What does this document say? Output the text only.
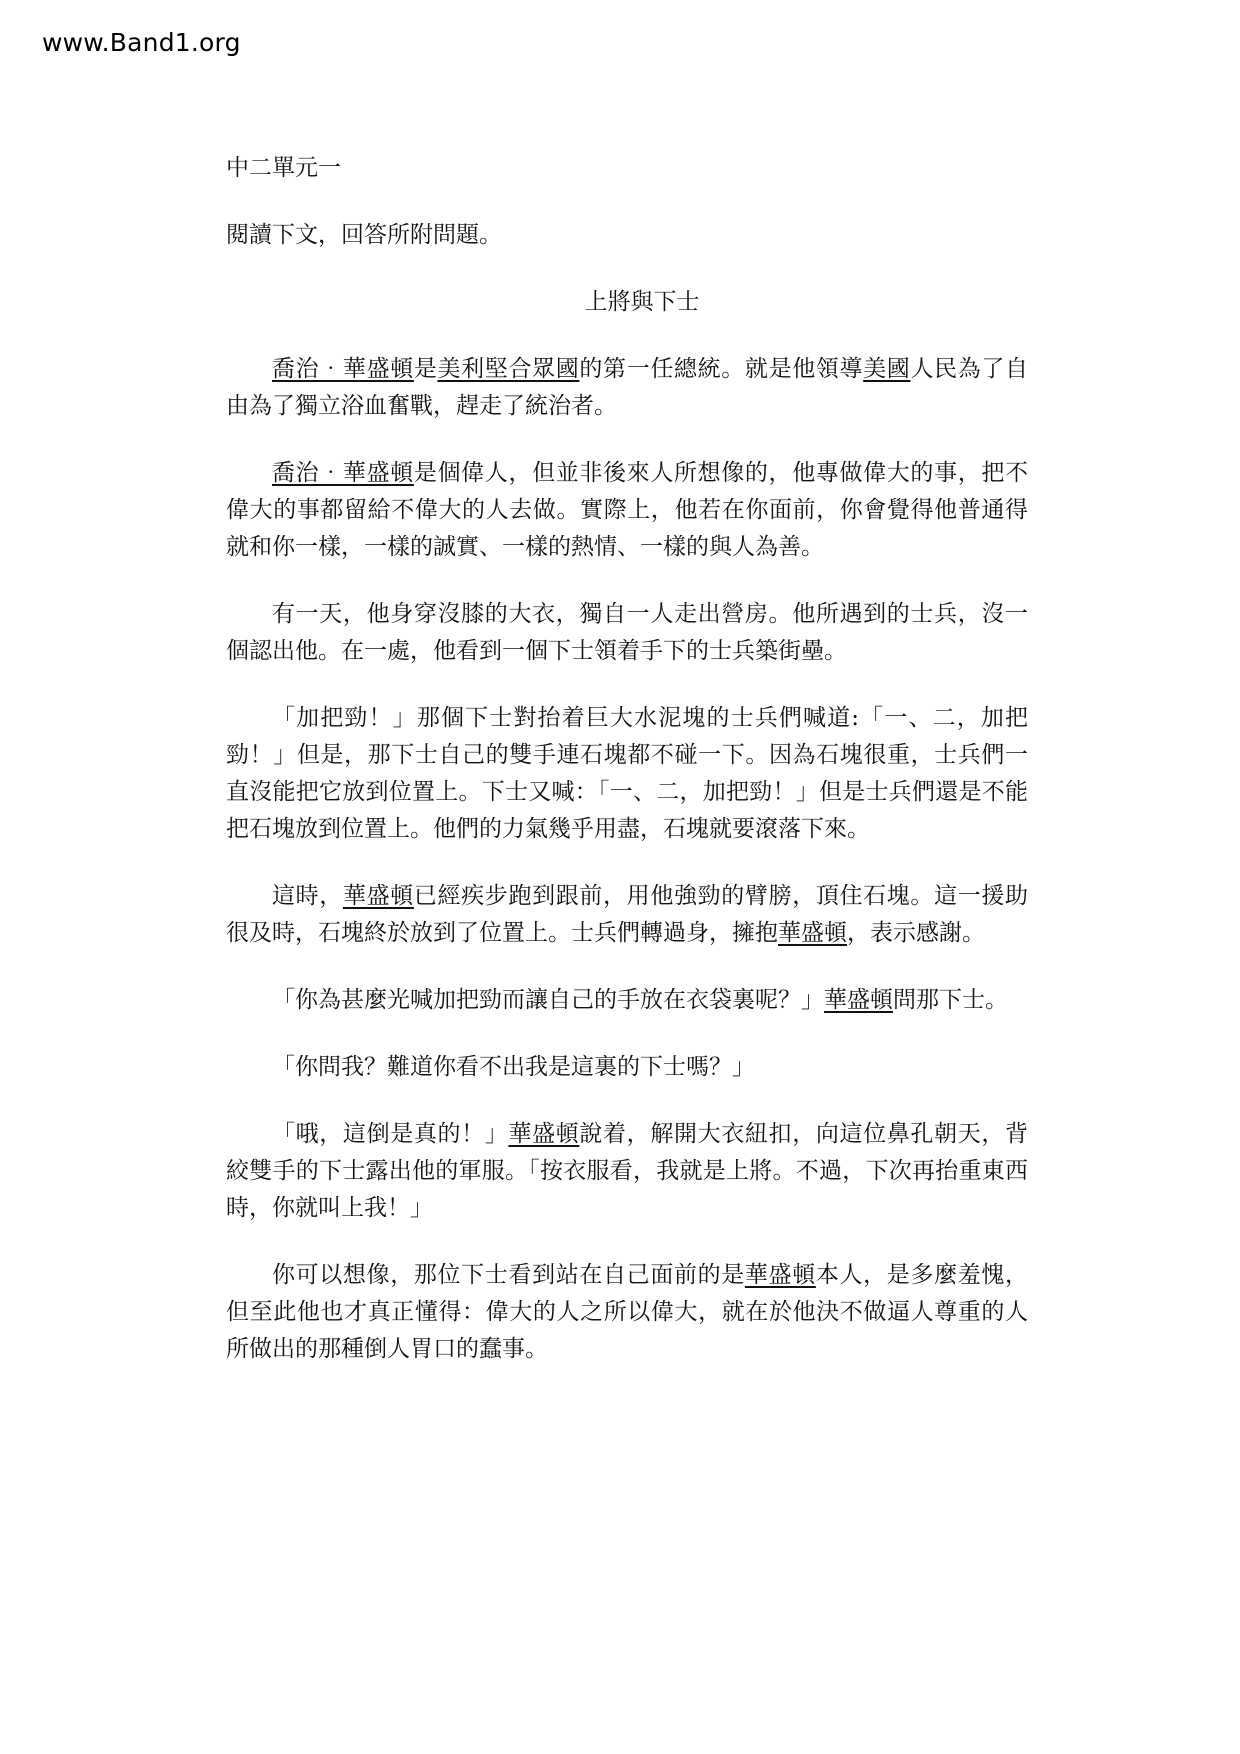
www.Band1.org
中二單元一
閱讀下文，回答所附問題。
上將與下士
喬治‧華盛頓是美利堅合眾國的第一任總統。就是他領導美國人民為了自由為了獨立浴血奮戰，趕走了統治者。
喬治‧華盛頓是個偉人，但並非後來人所想像的，他專做偉大的事，把不偉大的事都留給不偉大的人去做。實際上，他若在你面前，你會覺得他普通得就和你一樣，一樣的誠實、一樣的熱情、一樣的與人為善。
有一天，他身穿沒膝的大衣，獨自一人走出營房。他所遇到的士兵，沒一個認出他。在一處，他看到一個下士領着手下的士兵築街壘。
「加把勁！」那個下士對抬着巨大水泥塊的士兵們喊道:「一、二，加把勁！」但是，那下士自己的雙手連石塊都不碰一下。因為石塊很重，士兵們一直沒能把它放到位置上。下士又喊：「一、二，加把勁！」但是士兵們還是不能把石塊放到位置上。他們的力氣幾乎用盡，石塊就要滾落下來。
這時，華盛頓已經疾步跑到跟前，用他強勁的臂膀，頂住石塊。這一援助很及時，石塊終於放到了位置上。士兵們轉過身，擁抱華盛頓，表示感謝。
「你為甚麼光喊加把勁而讓自己的手放在衣袋裏呢？」華盛頓問那下士。
「你問我？難道你看不出我是這裏的下士嗎？」
「哦，這倒是真的！」華盛頓說着，解開大衣紐扣，向這位鼻孔朝天，背絞雙手的下士露出他的軍服。「按衣服看，我就是上將。不過，下次再抬重東西時，你就叫上我！」
你可以想像，那位下士看到站在自己面前的是華盛頓本人，是多麼羞愧，但至此他也才真正懂得：偉大的人之所以偉大，就在於他決不做逼人尊重的人所做出的那種倒人胃口的蠢事。
